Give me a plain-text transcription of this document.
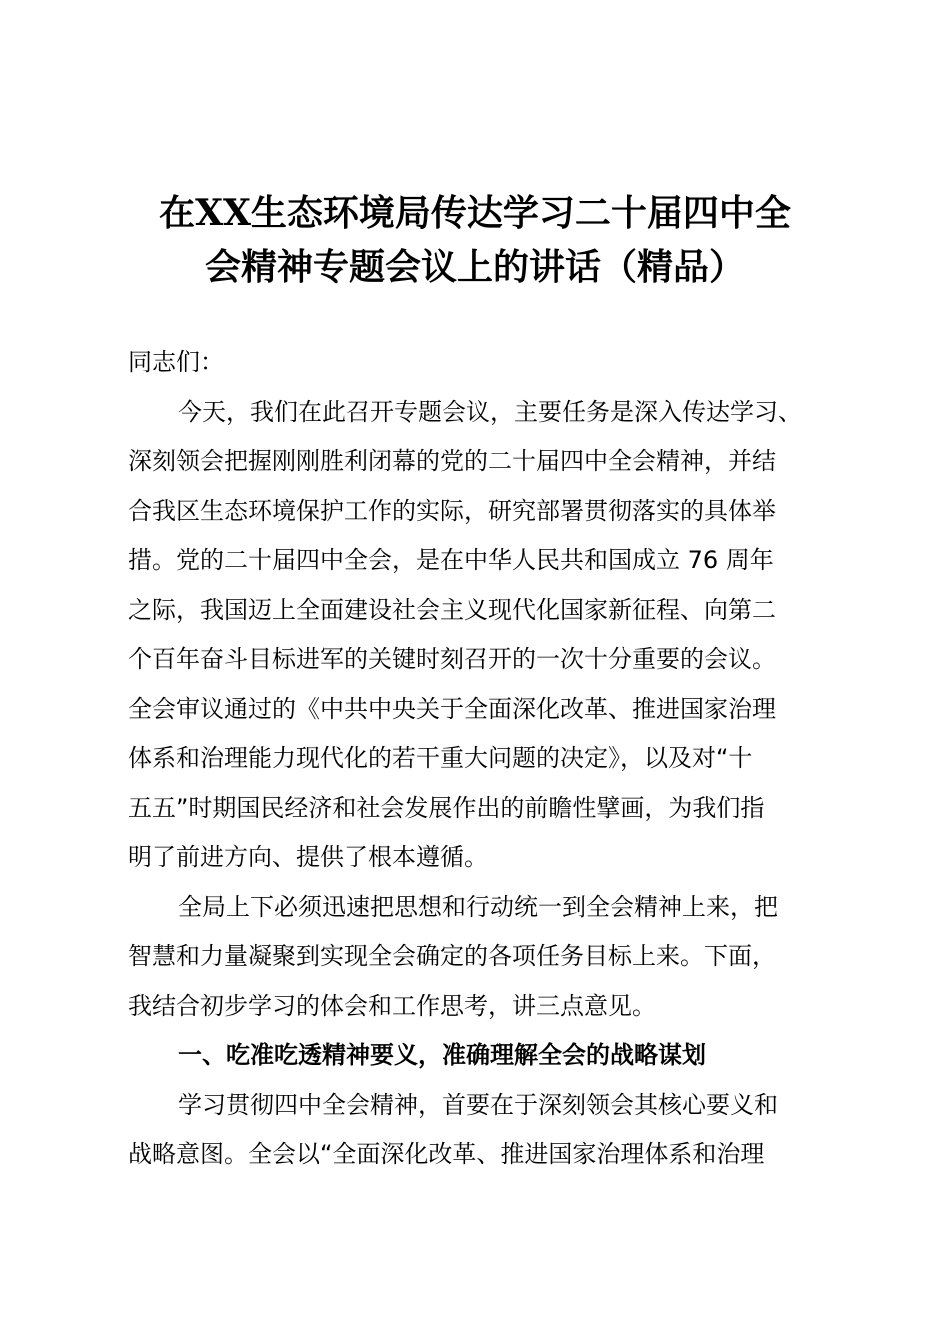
在XX生态环境局传达学习二十届四中全
会精神专题会议上的讲话（精品）
同志们：
今天，我们在此召开专题会议，主要任务是深入传达学习、
深刻领会把握刚刚胜利闭幕的党的二十届四中全会精神，并结
合我区生态环境保护工作的实际，研究部署贯彻落实的具体举
措。党的二十届四中全会，是在中华人民共和国成立 76 周年
之际，我国迈上全面建设社会主义现代化国家新征程、向第二
个百年奋斗目标进军的关键时刻召开的一次十分重要的会议。
全会审议通过的《中共中央关于全面深化改革、推进国家治理
体系和治理能力现代化的若干重大问题的决定》，以及对“十
五五”时期国民经济和社会发展作出的前瞻性擘画，为我们指
明了前进方向、提供了根本遵循。
全局上下必须迅速把思想和行动统一到全会精神上来，把
智慧和力量凝聚到实现全会确定的各项任务目标上来。下面，
我结合初步学习的体会和工作思考，讲三点意见。
一、吃准吃透精神要义，准确理解全会的战略谋划
学习贯彻四中全会精神，首要在于深刻领会其核心要义和
战略意图。全会以“全面深化改革、推进国家治理体系和治理
